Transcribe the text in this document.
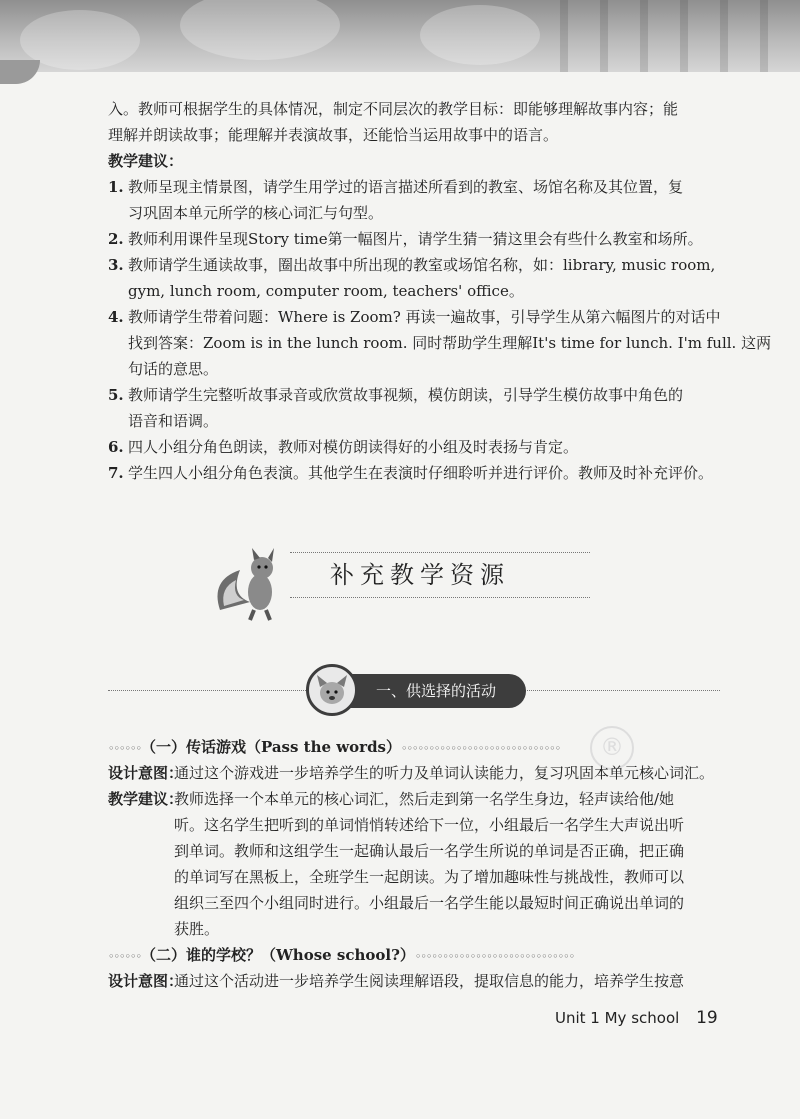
入。教师可根据学生的具体情况，制定不同层次的教学目标：即能够理解故事内容；能
理解并朗读故事；能理解并表演故事，还能恰当运用故事中的语言。
教学建议：
1. 教师呈现主情景图，请学生用学过的语言描述所看到的教室、场馆名称及其位置，复
习巩固本单元所学的核心词汇与句型。
2. 教师利用课件呈现Story time第一幅图片，请学生猜一猜这里会有些什么教室和场所。
3. 教师请学生通读故事，圈出故事中所出现的教室或场馆名称，如：library, music room,
gym, lunch room, computer room, teachers' office。
4. 教师请学生带着问题：Where is Zoom? 再读一遍故事，引导学生从第六幅图片的对话中
找到答案：Zoom is in the lunch room. 同时帮助学生理解It's time for lunch. I'm full. 这两
句话的意思。
5. 教师请学生完整听故事录音或欣赏故事视频，模仿朗读，引导学生模仿故事中角色的
语音和语调。
6. 四人小组分角色朗读，教师对模仿朗读得好的小组及时表扬与肯定。
7. 学生四人小组分角色表演。其他学生在表演时仔细聆听并进行评价。教师及时补充评价。
补充教学资源
一、供选择的活动
®
◦◦◦◦◦◦（一）传话游戏（Pass the words）◦◦◦◦◦◦◦◦◦◦◦◦◦◦◦◦◦◦◦◦◦◦◦◦◦◦◦◦◦
设计意图：通过这个游戏进一步培养学生的听力及单词认读能力，复习巩固本单元核心词汇。
教学建议：教师选择一个本单元的核心词汇，然后走到第一名学生身边，轻声读给他/她
听。这名学生把听到的单词悄悄转述给下一位，小组最后一名学生大声说出听
到单词。教师和这组学生一起确认最后一名学生所说的单词是否正确，把正确
的单词写在黑板上，全班学生一起朗读。为了增加趣味性与挑战性，教师可以
组织三至四个小组同时进行。小组最后一名学生能以最短时间正确说出单词的
获胜。
◦◦◦◦◦◦（二）谁的学校？（Whose school?）◦◦◦◦◦◦◦◦◦◦◦◦◦◦◦◦◦◦◦◦◦◦◦◦◦◦◦◦◦
设计意图：通过这个活动进一步培养学生阅读理解语段，提取信息的能力，培养学生按意
Unit 1 My school 19
